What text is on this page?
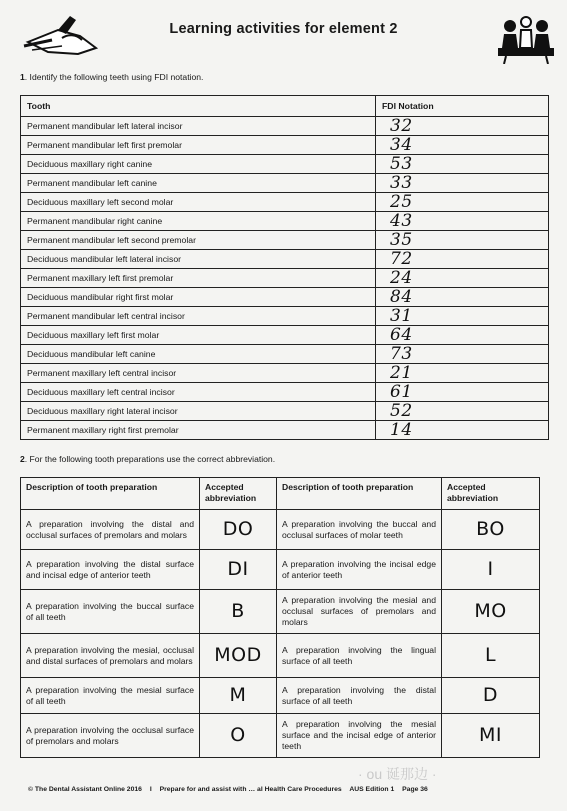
Learning activities for element 2
1. Identify the following teeth using FDI notation.
Tooth	FDI Notation
Permanent mandibular left lateral incisor	32
Permanent mandibular left first premolar	34
Deciduous maxillary right canine	53
Permanent mandibular left canine	33
Deciduous maxillary left second molar	25
Permanent mandibular right canine	43
Permanent mandibular left second premolar	35
Deciduous mandibular left lateral incisor	72
Permanent maxillary left first premolar	24
Deciduous mandibular right first molar	84
Permanent mandibular left central incisor	31
Deciduous maxillary left first molar	64
Deciduous mandibular left canine	73
Permanent maxillary left central incisor	21
Deciduous maxillary left central incisor	61
Deciduous maxillary right lateral incisor	52
Permanent maxillary right first premolar	14
2. For the following tooth preparations use the correct abbreviation.
Description of tooth preparation	Accepted abbreviation	Description of tooth preparation	Accepted abbreviation
A preparation involving the distal and occlusal surfaces of premolars and molars	DO	A preparation involving the buccal and occlusal surfaces of molar teeth	BO
A preparation involving the distal surface and incisal edge of anterior teeth	DI	A preparation involving the incisal edge of anterior teeth	I
A preparation involving the buccal surface of all teeth	B	A preparation involving the mesial and occlusal surfaces of premolars and molars	MO
A preparation involving the mesial, occlusal and distal surfaces of premolars and molars	MOD	A preparation involving the lingual surface of all teeth	L
A preparation involving the mesial surface of all teeth	M	A preparation involving the distal surface of all teeth	D
A preparation involving the occlusal surface of premolars and molars	O	A preparation involving the mesial surface and the incisal edge of anterior teeth	MI
· ou 诞那边 ·
© The Dental Assistant Online 2016 I Prepare for and assist with … al Health Care Procedures AUS Edition 1 Page 36
